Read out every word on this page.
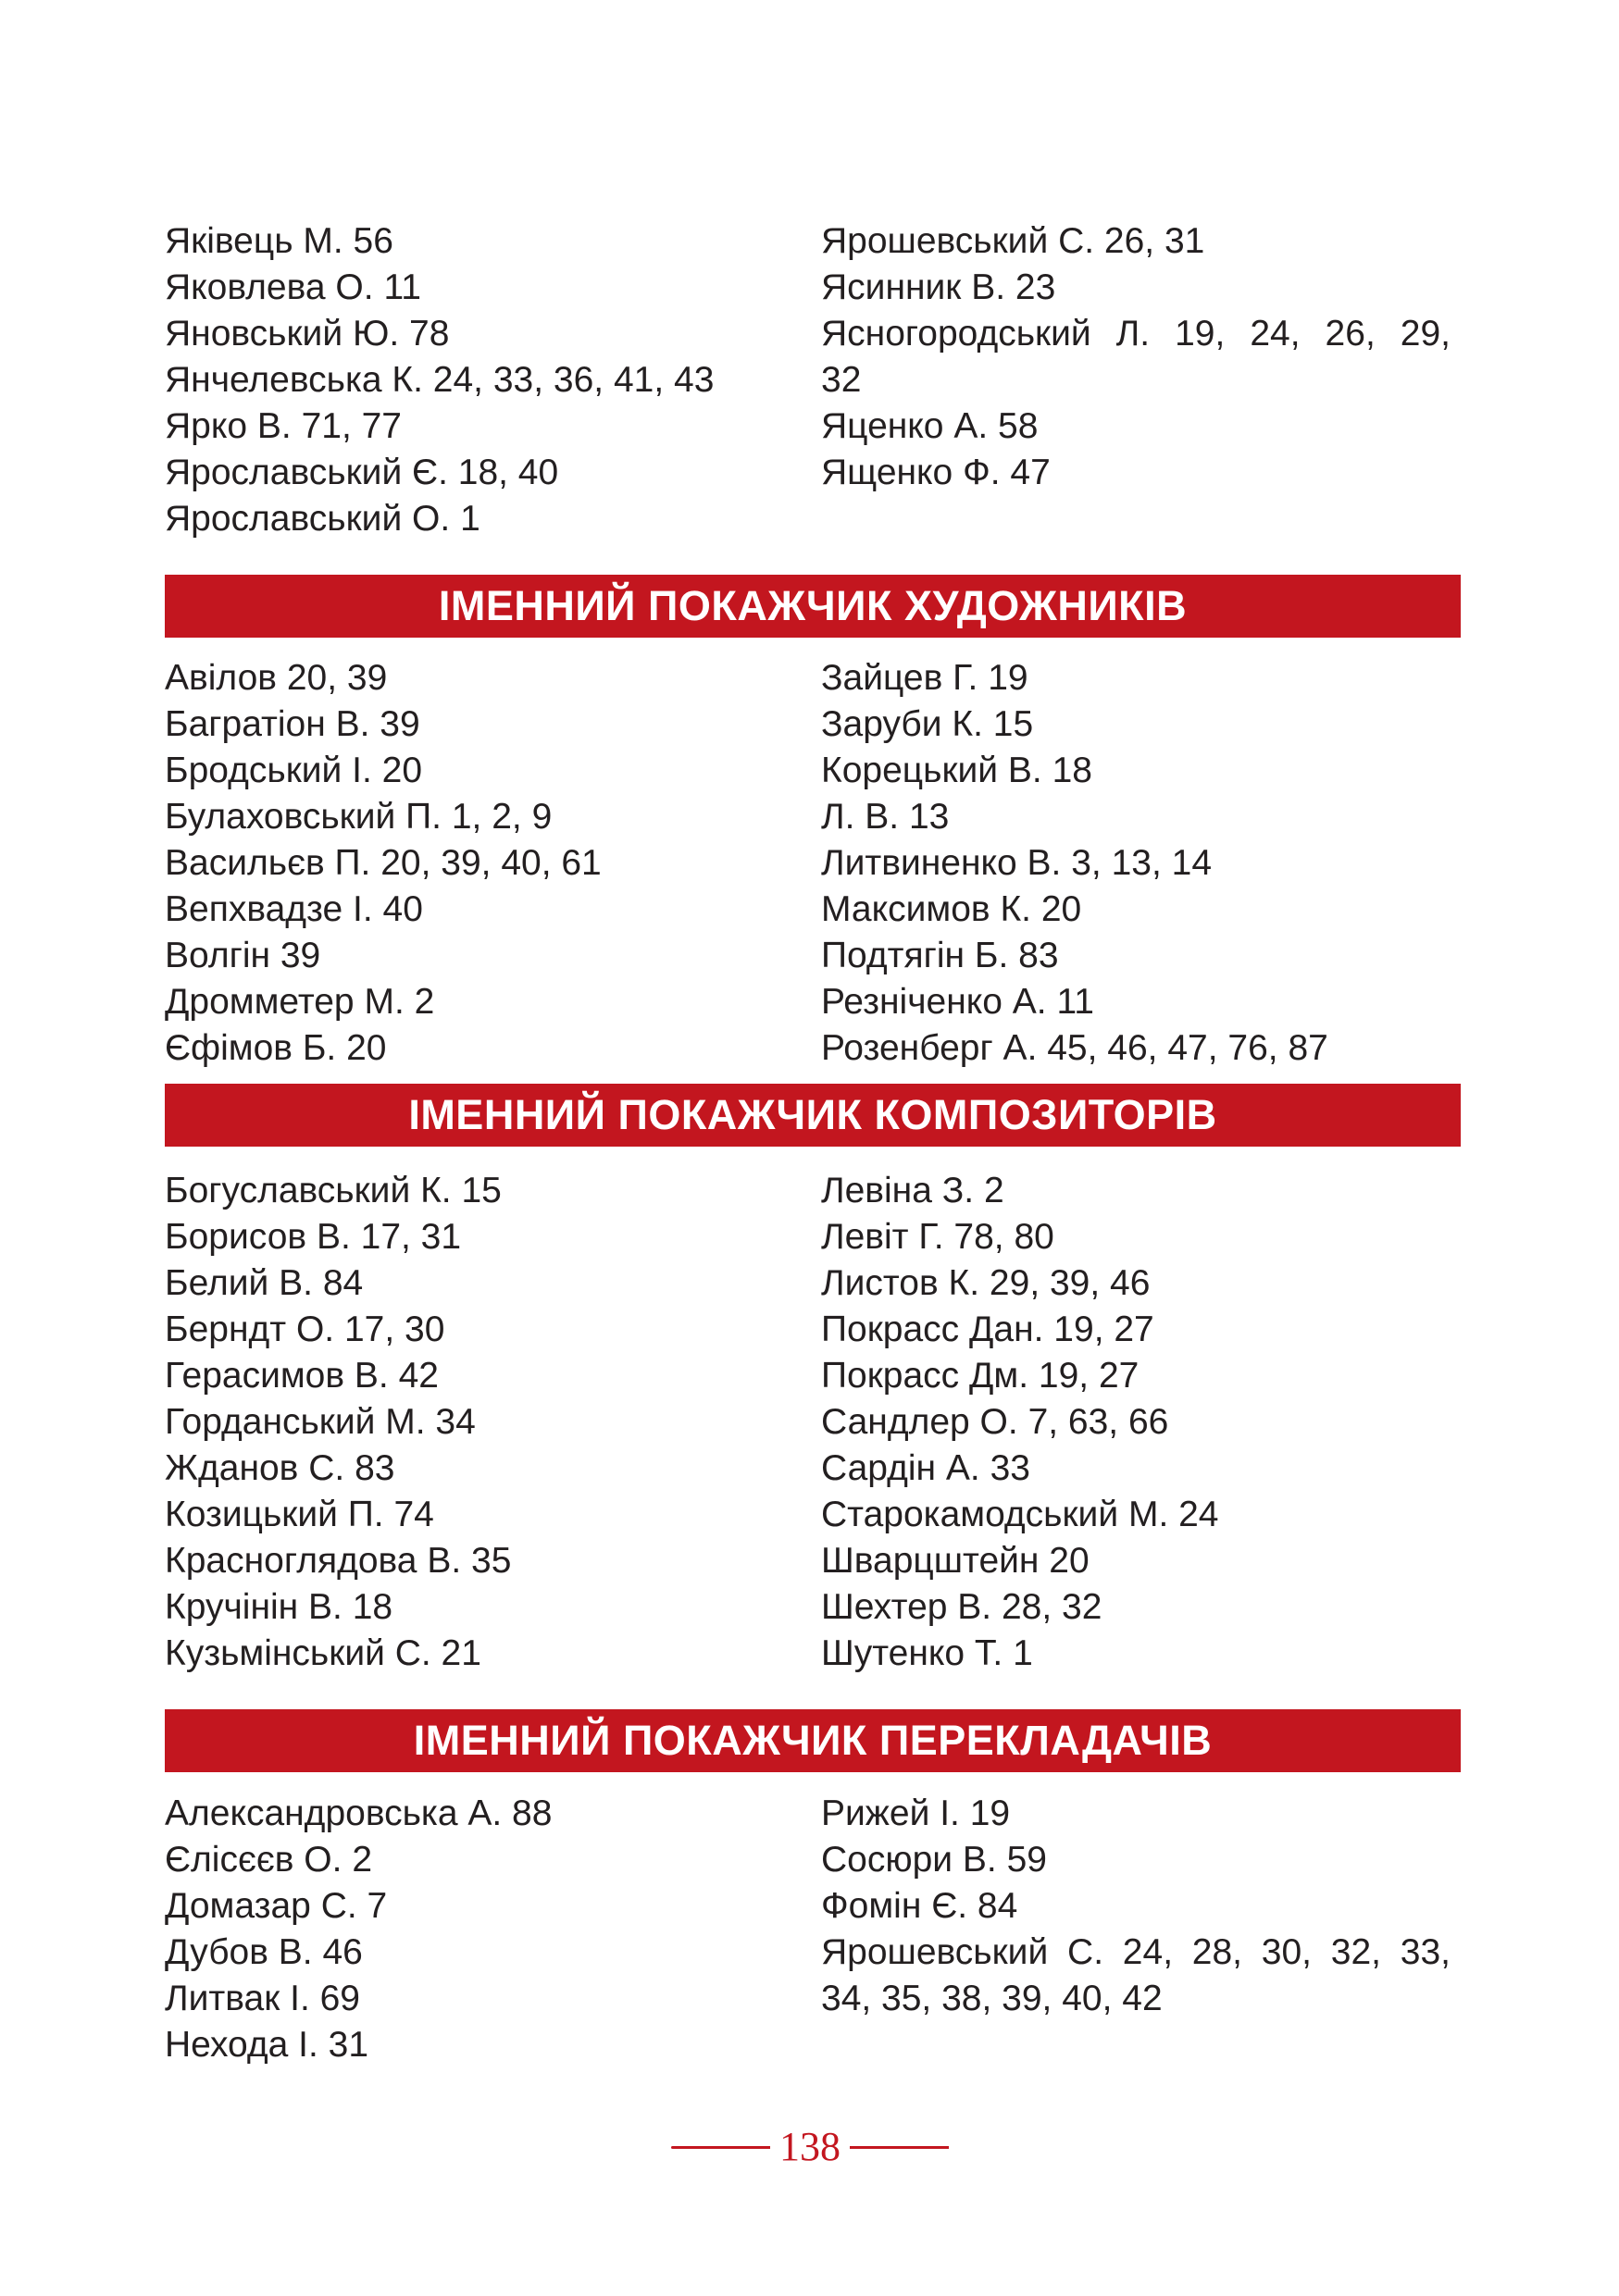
Яківець М. 56
Яковлева О. 11
Яновський Ю. 78
Янчелевська К. 24, 33, 36, 41, 43
Ярко В. 71, 77
Ярославський Є. 18, 40
Ярославський О. 1
Ярошевський С. 26, 31
Ясинник В. 23
Ясногородський Л. 19, 24, 26, 29,
32
Яценко А. 58
Ященко Ф. 47
ІМЕННИЙ ПОКАЖЧИК ХУДОЖНИКІВ
Авілов 20, 39
Багратіон В. 39
Бродський І. 20
Булаховський П. 1, 2, 9
Васильєв П. 20, 39, 40, 61
Вепхвадзе І. 40
Волгін 39
Дромметер М. 2
Єфімов Б. 20
Зайцев Г. 19
Заруби К. 15
Корецький В. 18
Л. В. 13
Литвиненко В. 3, 13, 14
Максимов К. 20
Подтягін Б. 83
Резніченко А. 11
Розенберг А. 45, 46, 47, 76, 87
ІМЕННИЙ ПОКАЖЧИК КОМПОЗИТОРІВ
Богуславський К. 15
Борисов В. 17, 31
Белий В. 84
Берндт О. 17, 30
Герасимов В. 42
Горданський М. 34
Жданов С. 83
Козицький П. 74
Красноглядова В. 35
Кручінін В. 18
Кузьмінський С. 21
Левіна З. 2
Левіт Г. 78, 80
Листов К. 29, 39, 46
Покрасс Дан. 19, 27
Покрасс Дм. 19, 27
Сандлер О. 7, 63, 66
Сардін А. 33
Старокамодський М. 24
Шварцштейн 20
Шехтер В. 28, 32
Шутенко Т. 1
ІМЕННИЙ ПОКАЖЧИК ПЕРЕКЛАДАЧІВ
Александровська А. 88
Єлісєєв О. 2
Домазар С. 7
Дубов В. 46
Литвак І. 69
Нехода І. 31
Рижей І. 19
Сосюри В. 59
Фомін Є. 84
Ярошевський С. 24, 28, 30, 32, 33,
34, 35, 38, 39, 40, 42
138
